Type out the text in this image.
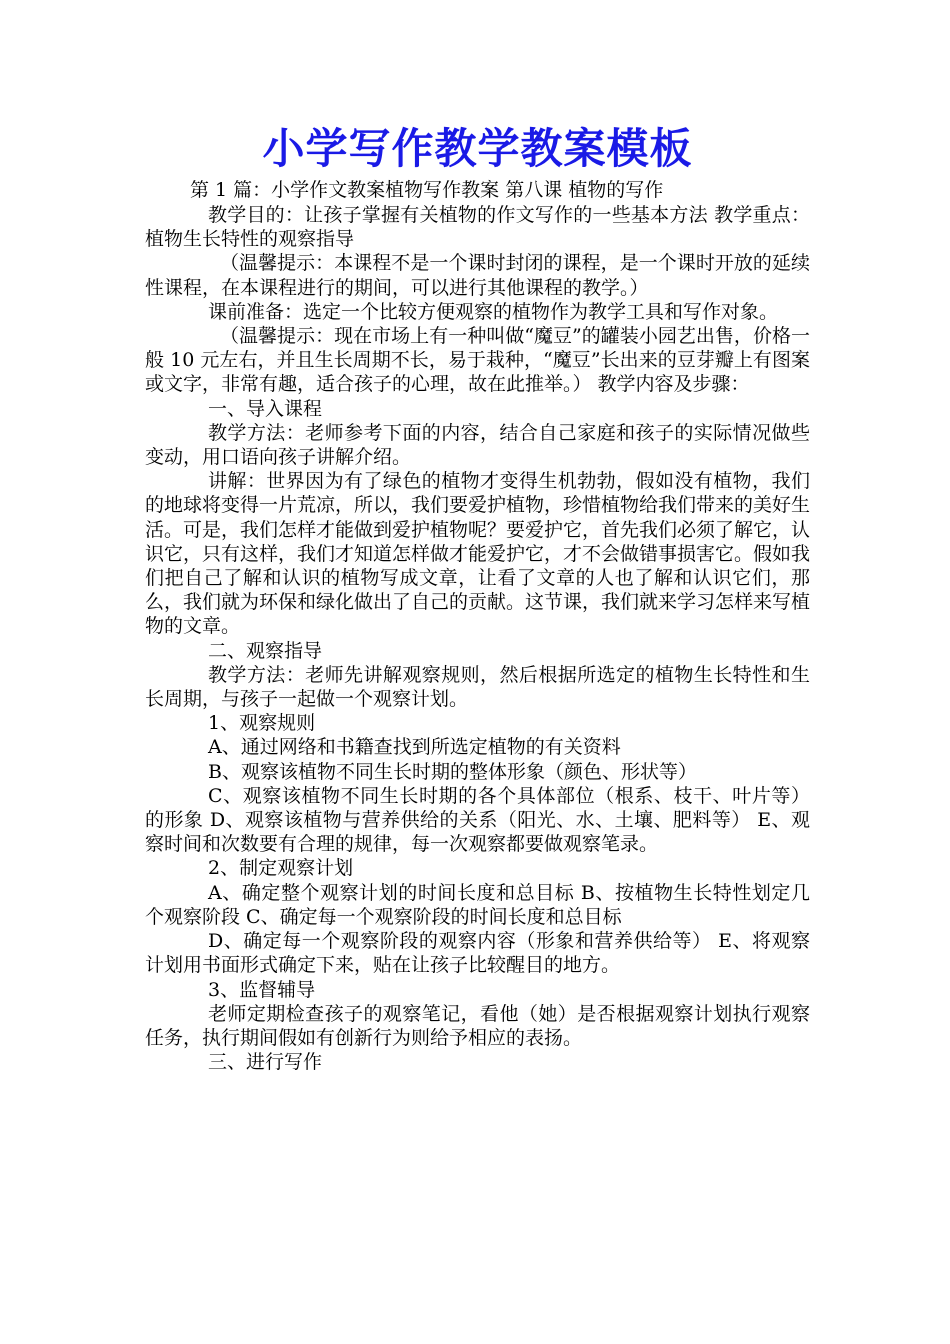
小学写作教学教案模板

第 1 篇：小学作文教案植物写作教案 第八课 植物的写作

教学目的：让孩子掌握有关植物的作文写作的一些基本方法 教学重点：植物生长特性的观察指导

（温馨提示：本课程不是一个课时封闭的课程，是一个课时开放的延续性课程，在本课程进行的期间，可以进行其他课程的教学。）

课前准备：选定一个比较方便观察的植物作为教学工具和写作对象。

（温馨提示：现在市场上有一种叫做“魔豆”的罐装小园艺出售，价格一般 10 元左右，并且生长周期不长，易于栽种，“魔豆”长出来的豆芽瓣上有图案或文字，非常有趣，适合孩子的心理，故在此推举。） 教学内容及步骤：

一、导入课程

教学方法：老师参考下面的内容，结合自己家庭和孩子的实际情况做些变动，用口语向孩子讲解介绍。

讲解：世界因为有了绿色的植物才变得生机勃勃，假如没有植物，我们的地球将变得一片荒凉，所以，我们要爱护植物，珍惜植物给我们带来的美好生活。可是，我们怎样才能做到爱护植物呢？要爱护它，首先我们必须了解它，认识它，只有这样，我们才知道怎样做才能爱护它，才不会做错事损害它。假如我们把自己了解和认识的植物写成文章，让看了文章的人也了解和认识它们，那么，我们就为环保和绿化做出了自己的贡献。这节课，我们就来学习怎样来写植物的文章。

二、观察指导

教学方法：老师先讲解观察规则，然后根据所选定的植物生长特性和生长周期，与孩子一起做一个观察计划。

1、观察规则

A、通过网络和书籍查找到所选定植物的有关资料

B、观察该植物不同生长时期的整体形象（颜色、形状等）

C、观察该植物不同生长时期的各个具体部位（根系、枝干、叶片等）的形象 D、观察该植物与营养供给的关系（阳光、水、土壤、肥料等） E、观察时间和次数要有合理的规律，每一次观察都要做观察笔录。

2、制定观察计划

A、确定整个观察计划的时间长度和总目标 B、按植物生长特性划定几个观察阶段 C、确定每一个观察阶段的时间长度和总目标

D、确定每一个观察阶段的观察内容（形象和营养供给等） E、将观察计划用书面形式确定下来，贴在让孩子比较醒目的地方。

3、监督辅导

老师定期检查孩子的观察笔记，看他（她）是否根据观察计划执行观察任务，执行期间假如有创新行为则给予相应的表扬。

三、进行写作
